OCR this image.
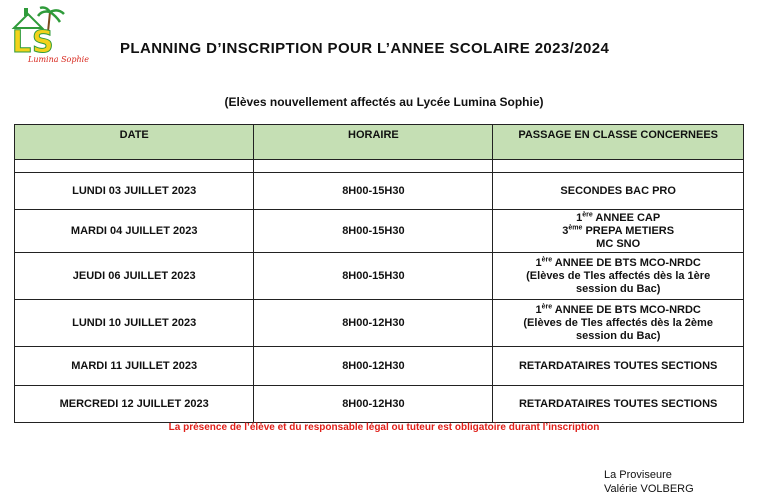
L S
Lumina Sophie
PLANNING D’INSCRIPTION POUR L’ANNEE SCOLAIRE 2023/2024
(Elèves nouvellement affectés au Lycée Lumina Sophie)
DATE	HORAIRE	PASSAGE EN CLASSE CONCERNEES

LUNDI 03 JUILLET 2023	8H00-15H30	SECONDES BAC PRO
MARDI 04 JUILLET 2023	8H00-15H30	1ère ANNEE CAP
3ème PREPA METIERS
MC SNO

JEUDI 06 JUILLET 2023	8H00-15H30	1ère ANNEE DE BTS MCO-NRDC
(Elèves de Tles affectés dès la 1ère
session du Bac)

LUNDI 10 JUILLET 2023	8H00-12H30	1ère ANNEE DE BTS MCO-NRDC
(Elèves de Tles affectés dès la 2ème
session du Bac)

MARDI 11 JUILLET 2023	8H00-12H30	RETARDATAIRES TOUTES SECTIONS
MERCREDI 12 JUILLET 2023	8H00-12H30	RETARDATAIRES TOUTES SECTIONS
La présence de l’élève et du responsable légal ou tuteur est obligatoire durant l’inscription
La Proviseure
Valérie VOLBERG
